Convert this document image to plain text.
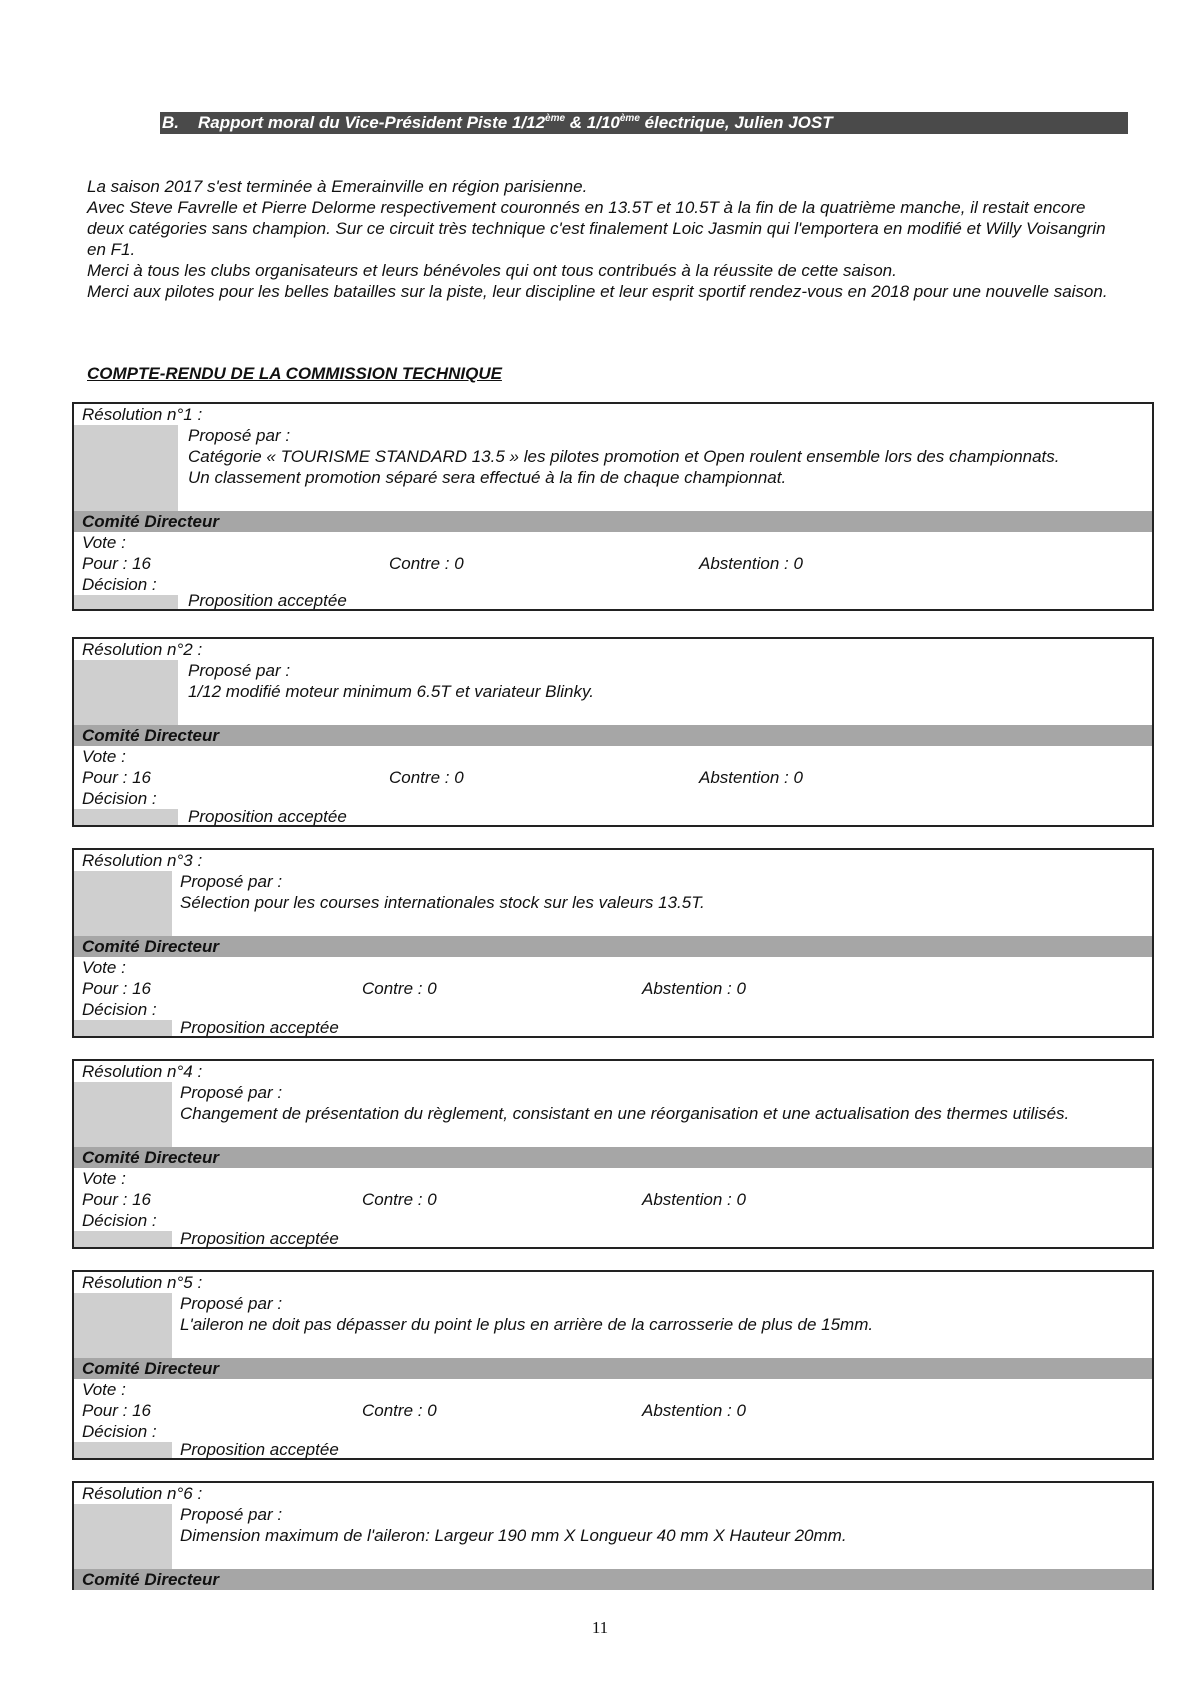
B. Rapport moral du Vice-Président Piste 1/12ème & 1/10ème électrique, Julien JOST

La saison 2017 s'est terminée à Emerainville en région parisienne.

Avec Steve Favrelle et Pierre Delorme respectivement couronnés en 13.5T et 10.5T à la fin de la quatrième manche, il restait encore deux catégories sans champion. Sur ce circuit très technique c'est finalement Loic Jasmin qui l'emportera en modifié et Willy Voisangrin en F1.

Merci à tous les clubs organisateurs et leurs bénévoles qui ont tous contribués à la réussite de cette saison.

Merci aux pilotes pour les belles batailles sur la piste, leur discipline et leur esprit sportif rendez-vous en 2018 pour une nouvelle saison.

COMPTE-RENDU DE LA COMMISSION TECHNIQUE
Résolution n°1 :
Proposé par :
Catégorie « TOURISME STANDARD 13.5 » les pilotes promotion et Open roulent ensemble lors des championnats.
Un classement promotion séparé sera effectué à la fin de chaque championnat.
Comité Directeur
Vote :
Pour : 16	Contre : 0	Abstention : 0
Décision :
Proposition acceptée
Résolution n°2 :
Proposé par :
1/12 modifié moteur minimum 6.5T et variateur Blinky.
Comité Directeur
Vote :
Pour : 16	Contre : 0	Abstention : 0
Décision :
Proposition acceptée
Résolution n°3 :
Proposé par :
Sélection pour les courses internationales stock sur les valeurs 13.5T.
Comité Directeur
Vote :
Pour : 16	Contre : 0	Abstention : 0
Décision :
Proposition acceptée
Résolution n°4 :
Proposé par :
Changement de présentation du règlement, consistant en une réorganisation et une actualisation des thermes utilisés.
Comité Directeur
Vote :
Pour : 16	Contre : 0	Abstention : 0
Décision :
Proposition acceptée
Résolution n°5 :
Proposé par :
L'aileron ne doit pas dépasser du point le plus en arrière de la carrosserie de plus de 15mm.
Comité Directeur
Vote :
Pour : 16	Contre : 0	Abstention : 0
Décision :
Proposition acceptée
Résolution n°6 :
Proposé par :
Dimension maximum de l'aileron: Largeur 190 mm X Longueur 40 mm X Hauteur 20mm.
Comité Directeur
11
